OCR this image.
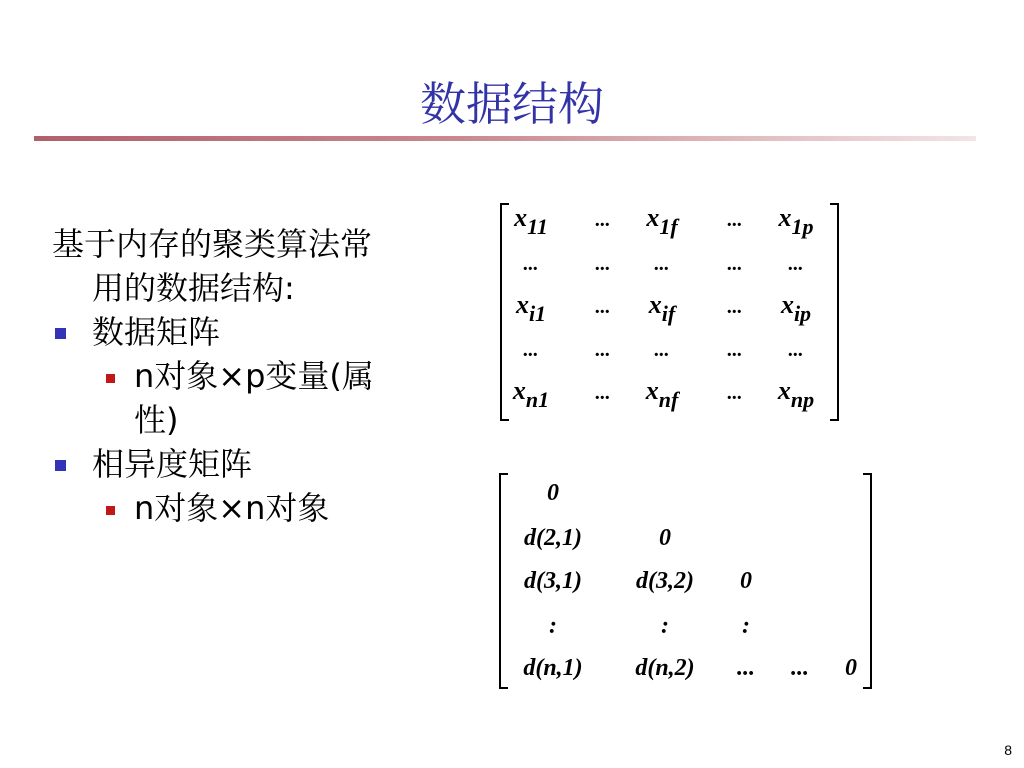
数据结构
基于内存的聚类算法常
用的数据结构:
数据矩阵
n对象×p变量(属
性)
相异度矩阵
n对象×n对象
$x_{11}$ ... $x_{1f}$ ... $x_{1p}$
...	... ...	... ...
$x_{i1}$ ... $x_{if}$	... $x_{ip}$
...	... ...	... ...
$x_{n1}$ ... $x_{nf}$ ... $x_{np}$
0
d(2,1)	0
d(3,1) d(3,2) 0
:	:	:
d(n,1) d(n,2) ... ... 0
8
